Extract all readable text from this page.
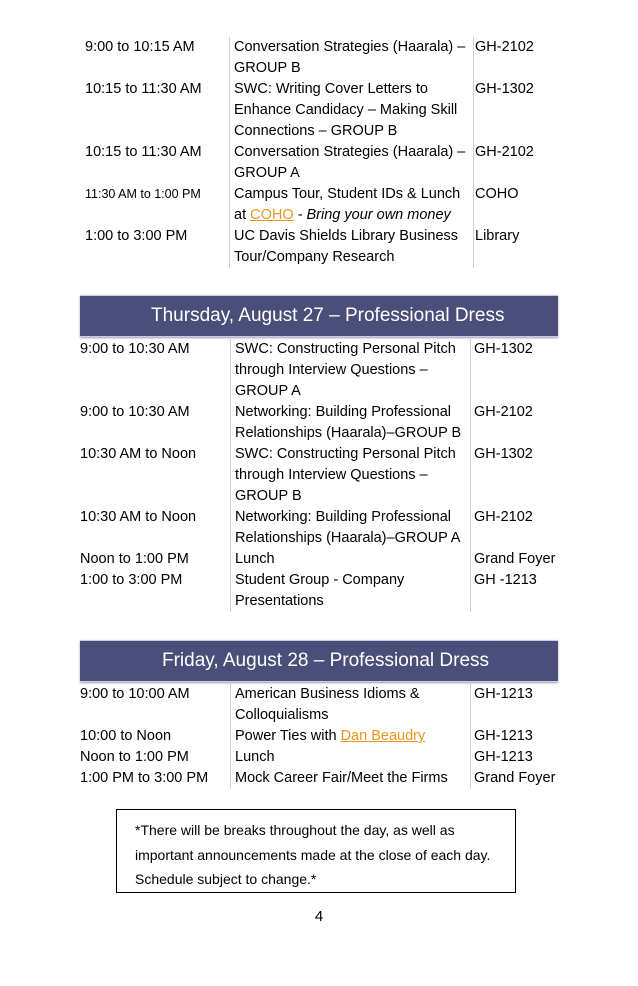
9:00 to 10:15 AM	Conversation Strategies (Haarala) – GROUP B	GH-2102
10:15 to 11:30 AM	SWC: Writing Cover Letters to Enhance Candidacy – Making Skill Connections – GROUP B	GH-1302
10:15 to 11:30 AM	Conversation Strategies (Haarala) – GROUP A	GH-2102
11:30 AM to 1:00 PM	Campus Tour, Student IDs & Lunch at COHO - Bring your own money	COHO
1:00 to 3:00 PM	UC Davis Shields Library Business Tour/Company Research	Library
Thursday, August 27 – Professional Dress
9:00 to 10:30 AM	SWC: Constructing Personal Pitch through Interview Questions – GROUP A	GH-1302
9:00 to 10:30 AM	Networking: Building Professional Relationships (Haarala)–GROUP B	GH-2102
10:30 AM to Noon	SWC: Constructing Personal Pitch through Interview Questions – GROUP B	GH-1302
10:30 AM to Noon	Networking: Building Professional Relationships (Haarala)–GROUP A	GH-2102
Noon to 1:00 PM	Lunch	Grand Foyer
1:00 to 3:00 PM	Student Group - Company Presentations	GH -1213
Friday, August 28 – Professional Dress
9:00 to 10:00 AM	American Business Idioms & Colloquialisms	GH-1213
10:00 to Noon	Power Ties with Dan Beaudry	GH-1213
Noon to 1:00 PM	Lunch	GH-1213
1:00 PM to 3:00 PM	Mock Career Fair/Meet the Firms	Grand Foyer
*There will be breaks throughout the day, as well as important announcements made at the close of each day. Schedule subject to change.*
4
